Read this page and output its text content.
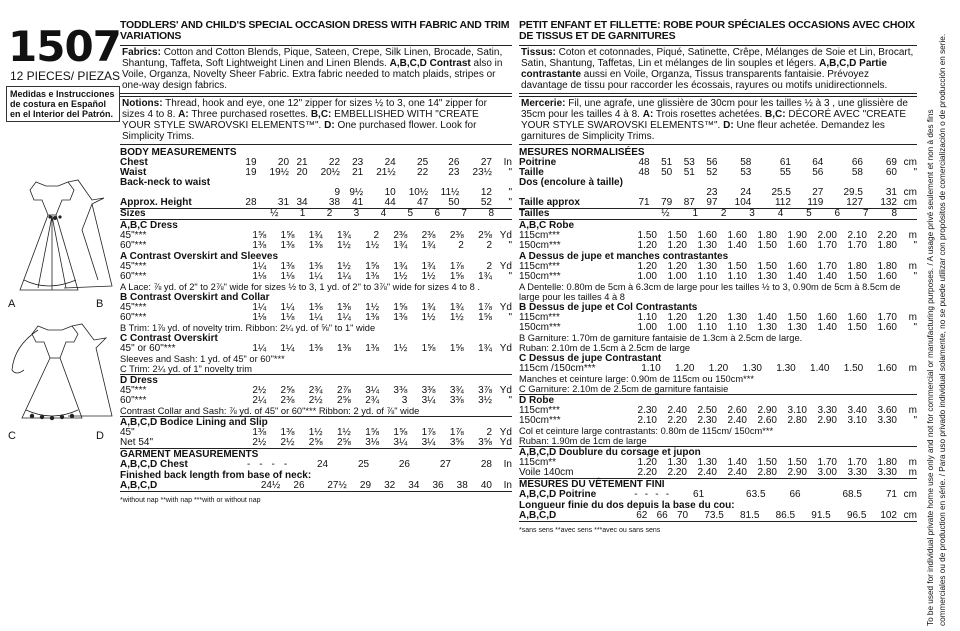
1507
12 PIECES/ PIEZAS
Medidas e Instrucciones de costura en Español en el Interior del Patrón.
A	B
C	D
TODDLERS' AND CHILD'S SPECIAL OCCASION DRESS WITH FABRIC AND TRIM VARIATIONS
Fabrics: Cotton and Cotton Blends, Pique, Sateen, Crepe, Silk Linen, Brocade, Satin, Shantung, Taffeta, Soft Lightweight Linen and Linen Blends. A,B,C,D Contrast also in Voile, Organza, Novelty Sheer Fabric. Extra fabric needed to match plaids, stripes or one-way design fabrics.
Notions: Thread, hook and eye, one 12" zipper for sizes ½ to 3, one 14" zipper for sizes 4 to 8. A: Three purchased rosettes. B,C: EMBELLISHED WITH "CREATE YOUR STYLE SWAROVSKI ELEMENTS™". D: One purchased flower. Look for Simplicity Trims.
BODY MEASUREMENTS
Chest	19	20	21	22	23	24	25	26	27	In
Waist	19	19½	20	20½	21	21½	22	23	23½	"
Back-neck to waist										
				9	9½	10	10½	11½	12	"
Approx. Height	28	31	34	38	41	44	47	50	52	"
Sizes	½	1	2	3	4	5	6	7	8	
A,B,C Dress
45"***	1⅝	1⅝	1¾	1¾	2	2⅜	2⅜	2⅜	2⅝	Yd
60"***	1⅜	1⅜	1⅜	1½	1½	1¾	1¾	2	2	"
A Contrast Overskirt and Sleeves
45"***	1¼	1⅜	1⅜	1½	1⅝	1¾	1¾	1⅞	2	Yd
60"***	1⅛	1⅛	1¼	1¼	1⅜	1½	1½	1⅝	1¾	"
A Lace: ⅞ yd. of 2" to 2⅞" wide for sizes ½ to 3, 1 yd. of 2" to 3⅞" wide for sizes 4 to 8 .
B Contrast Overskirt and Collar
45"***	1¼	1¼	1⅜	1⅜	1½	1⅝	1¾	1¾	1⅞	Yd
60"***	1⅛	1⅛	1¼	1¼	1⅜	1⅜	1½	1½	1⅝	"
B Trim: 1⅞ yd. of novelty trim. Ribbon: 2¼ yd. of ⅝" to 1" wide
C Contrast Overskirt
45" or 60"***	1¼	1¼	1⅜	1⅜	1⅜	1½	1⅝	1⅝	1¾	Yd
Sleeves and Sash: 1 yd. of 45" or 60"***
C Trim: 2¼ yd. of 1" novelty trim
D Dress
45"***	2½	2⅝	2¾	2⅞	3¼	3⅜	3⅜	3¾	3⅞	Yd
60"***	2¼	2⅜	2½	2⅝	2¾	3	3¼	3⅜	3½	"
Contrast Collar and Sash: ⅞ yd. of 45" or 60"*** Ribbon: 2 yd. of ⅞" wide
A,B,C,D Bodice Lining and Slip
45"	1⅜	1⅜	1½	1½	1⅝	1⅝	1⅞	1⅞	2	Yd
Net 54"	2½	2½	2⅝	2⅝	3⅛	3¼	3¼	3⅝	3⅝	Yd
GARMENT MEASUREMENTS
A,B,C,D Chest	-	-	-	-	24	25	26	27	28	In
Finished back length from base of neck:
A,B,C,D	24½	26	27½	29	32	34	36	38	40	In
*without nap **with nap ***with or without nap
PETIT ENFANT ET FILLETTE: ROBE POUR SPÉCIALES OCCASIONS AVEC CHOIX DE TISSUS ET DE GARNITURES
Tissus: Coton et cotonnades, Piqué, Satinette, Crêpe, Mélanges de Soie et Lin, Brocart, Satin, Shantung, Taffetas, Lin et mélanges de lin souples et légers. A,B,C,D Partie contrastante aussi en Voile, Organza, Tissus transparents fantaisie. Prévoyez davantage de tissu pour raccorder les écossais, rayures ou motifs unidirectionnels.
Mercerie: Fil, une agrafe, une glissière de 30cm pour les tailles ½ à 3 , une glissière de 35cm pour les tailles 4 à 8. A: Trois rosettes achetées. B,C: DÉCORÉ AVEC "CREATE YOUR STYLE SWAROVSKI ELEMENTS™". D: Une fleur achetée. Demandez les garnitures de Simplicity Trims.
MESURES NORMALISÉES
Poitrine	48	51	53	56	58	61	64	66	69	cm
Taille	48	50	51	52	53	55	56	58	60	"
Dos (encolure à taille)										
				23	24	25.5	27	29.5	31	cm
Taille approx	71	79	87	97	104	112	119	127	132	cm
Tailles	½	1	2	3	4	5	6	7	8	
A,B,C Robe
115cm***	1.50	1.50	1.60	1.60	1.80	1.90	2.00	2.10	2.20	m
150cm***	1.20	1.20	1.30	1.40	1.50	1.60	1.70	1.70	1.80	"
A Dessus de jupe et manches contrastantes
115cm***	1.20	1.20	1.30	1.50	1.50	1.60	1.70	1.80	1.80	m
150cm***	1.00	1.00	1.10	1.10	1.30	1.40	1.40	1.50	1.60	"
A Dentelle: 0.80m de 5cm à 6.3cm de large pour les tailles ½ to 3, 0.90m de 5cm à 8.5cm de large pour les tailles 4 à 8
B Dessus de jupe et Col Contrastants
115cm***	1.10	1.20	1.20	1.30	1.40	1.50	1.60	1.60	1.70	m
150cm***	1.00	1.00	1.10	1.10	1.30	1.30	1.40	1.50	1.60	"
B Garniture: 1.70m de garniture fantaisie de 1.3cm à 2.5cm de large.
Ruban: 2.10m de 1.5cm à 2.5cm de large
C Dessus de jupe Contrastant
115cm /150cm***	1.10	1.20	1.20	1.30	1.30	1.40	1.50	1.60		m
Manches et ceinture large: 0.90m de 115cm ou 150cm***
C Garniture: 2.10m de 2.5cm de garniture fantaisie
D Robe
115cm***	2.30	2.40	2.50	2.60	2.90	3.10	3.30	3.40	3.60	m
150cm***	2.10	2.20	2.30	2.40	2.60	2.80	2.90	3.10	3.30	"
Col et ceinture large contrastants: 0.80m de 115cm/ 150cm***
Ruban: 1.90m de 1cm de large
A,B,C,D Doublure du corsage et jupon
115cm**	1.20	1.30	1.30	1.40	1.50	1.50	1.70	1.70	1.80	m
Voile 140cm	2.20	2.20	2.40	2.40	2.80	2.90	3.00	3.30	3.30	m
MESURES DU VÊTEMENT FINI
A,B,C,D Poitrine	-	-	-	-	61	63.5	66	68.5	71	cm
Longueur finie du dos depuis la base du cou:
A,B,C,D	62	66	70	73.5	81.5	86.5	91.5	96.5	102	cm
*sans sens **avec sens ***avec ou sans sens	To be used for individual private home use only and not for commercial or manufacturing purposes. / A usage privé seulement et non à des fins commerciales ou de production en série. / Para uso privado individual solamente, no se puede utilizar con propósitos de comercialización o de producción en serie.
